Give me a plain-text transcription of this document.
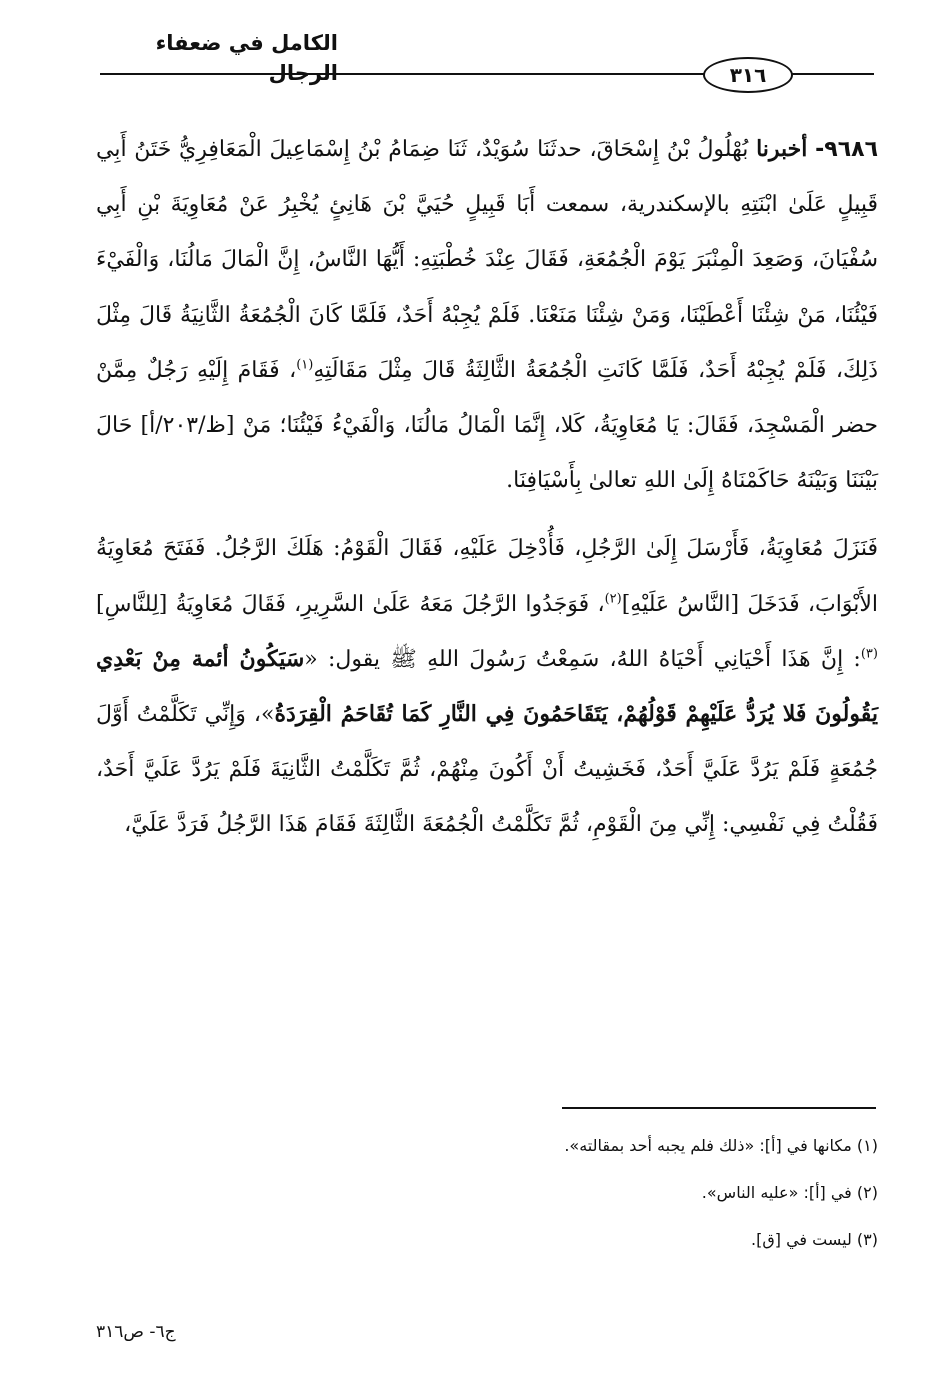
الكامل في ضعفاء الرجال	٣١٦

٩٦٨٦- أخبرنا بُهْلُولُ بْنُ إِسْحَاقَ، حدثَنَا سُوَيْدٌ، ثَنَا ضِمَامُ بْنُ إِسْمَاعِيلَ الْمَعَافِرِيُّ خَتَنُ أَبِي قَبِيلٍ عَلَىٰ ابْنَتِهِ بالإسكندرية، سمعت أَبَا قَبِيلٍ حُيَيَّ بْنَ هَانِئٍ يُخْبِرُ عَنْ مُعَاوِيَةَ بْنِ أَبِي سُفْيَانَ، وَصَعِدَ الْمِنْبَرَ يَوْمَ الْجُمُعَةِ، فَقَالَ عِنْدَ خُطْبَتِهِ: أَيُّهَا النَّاسُ، إِنَّ الْمَالَ مَالُنَا، وَالْفَيْءَ فَيْئُنَا، مَنْ شِئْنَا أَعْطَيْنَا، وَمَنْ شِئْنَا مَنَعْنَا. فَلَمْ يُجِبْهُ أَحَدٌ، فَلَمَّا كَانَ الْجُمُعَةُ الثَّانِيَةُ قَالَ مِثْلَ ذَلِكَ، فَلَمْ يُجِبْهُ أَحَدٌ، فَلَمَّا كَانَتِ الْجُمُعَةُ الثَّالِثَةُ قَالَ مِثْلَ مَقَالَتِهِ$^{(١)}$، فَقَامَ إِلَيْهِ رَجُلٌ مِمَّنْ حضر الْمَسْجِدَ، فَقَالَ: يَا مُعَاوِيَةُ، كَلا، إِنَّمَا الْمَالُ مَالُنَا، وَالْفَيْءُ فَيْئُنَا؛ مَنْ [ظ/٢٠٣/أ] حَالَ بَيْنَنَا وَبَيْنَهُ حَاكَمْنَاهُ إِلَىٰ اللهِ تعالىٰ بِأَسْيَافِنَا.

فَنَزَلَ مُعَاوِيَةُ، فَأَرْسَلَ إِلَىٰ الرَّجُلِ، فَأُدْخِلَ عَلَيْهِ، فَقَالَ الْقَوْمُ: هَلَكَ الرَّجُلُ. فَفَتَحَ مُعَاوِيَةُ الأَبْوَابَ، فَدَخَلَ [النَّاسُ عَلَيْهِ]$^{(٢)}$، فَوَجَدُوا الرَّجُلَ مَعَهُ عَلَىٰ السَّرِيرِ، فَقَالَ مُعَاوِيَةُ [لِلنَّاسِ]$^{(٣)}$: إِنَّ هَذَا أَحْيَانِي أَحْيَاهُ اللهُ، سَمِعْتُ رَسُولَ اللهِ ﷺ يقول: «سَيَكُونُ أئمة مِنْ بَعْدِي يَقُولُونَ فَلا يُرَدُّ عَلَيْهِمْ قَوْلُهُمْ، يَتَقَاحَمُونَ فِي النَّارِ كَمَا تُقَاحَمُ الْقِرَدَةُ»، وَإِنِّي تَكَلَّمْتُ أَوَّلَ جُمُعَةٍ فَلَمْ يَرُدَّ عَلَيَّ أَحَدٌ، فَخَشِيتُ أَنْ أَكُونَ مِنْهُمْ، ثُمَّ تَكَلَّمْتُ الثَّانِيَةَ فَلَمْ يَرُدَّ عَلَيَّ أَحَدٌ، فَقُلْتُ فِي نَفْسِي: إِنِّي مِنَ الْقَوْمِ، ثُمَّ تَكَلَّمْتُ الْجُمُعَةَ الثَّالِثَةَ فَقَامَ هَذَا الرَّجُلُ فَرَدَّ عَلَيَّ،

(١) مكانها في [أ]: «ذلك فلم يجبه أحد بمقالته».

(٢) في [أ]: «عليه الناس».

(٣) ليست في [ق].

ج٦- ص٣١٦
